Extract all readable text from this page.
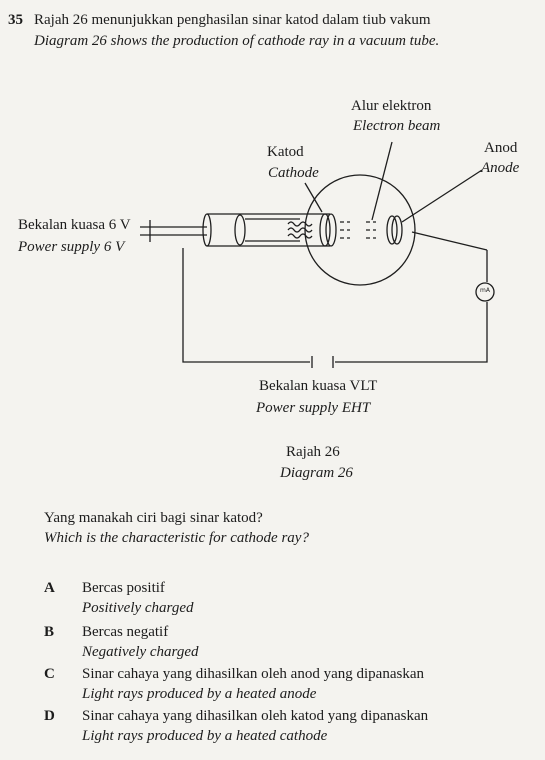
35 Rajah 26 menunjukkan penghasilan sinar katod dalam tiub vakum
Diagram 26 shows the production of cathode ray in a vacuum tube.
Alur elektron
Electron beam
Katod
Cathode
Anod
Anode
Bekalan kuasa 6 V
Power supply 6 V
mA
Bekalan kuasa VLT
Power supply EHT
Rajah 26
Diagram 26
Yang manakah ciri bagi sinar katod?
Which is the characteristic for cathode ray?
A Bercas positif
Positively charged
B Bercas negatif
Negatively charged
C Sinar cahaya yang dihasilkan oleh anod yang dipanaskan
Light rays produced by a heated anode
D Sinar cahaya yang dihasilkan oleh katod yang dipanaskan
Light rays produced by a heated cathode
